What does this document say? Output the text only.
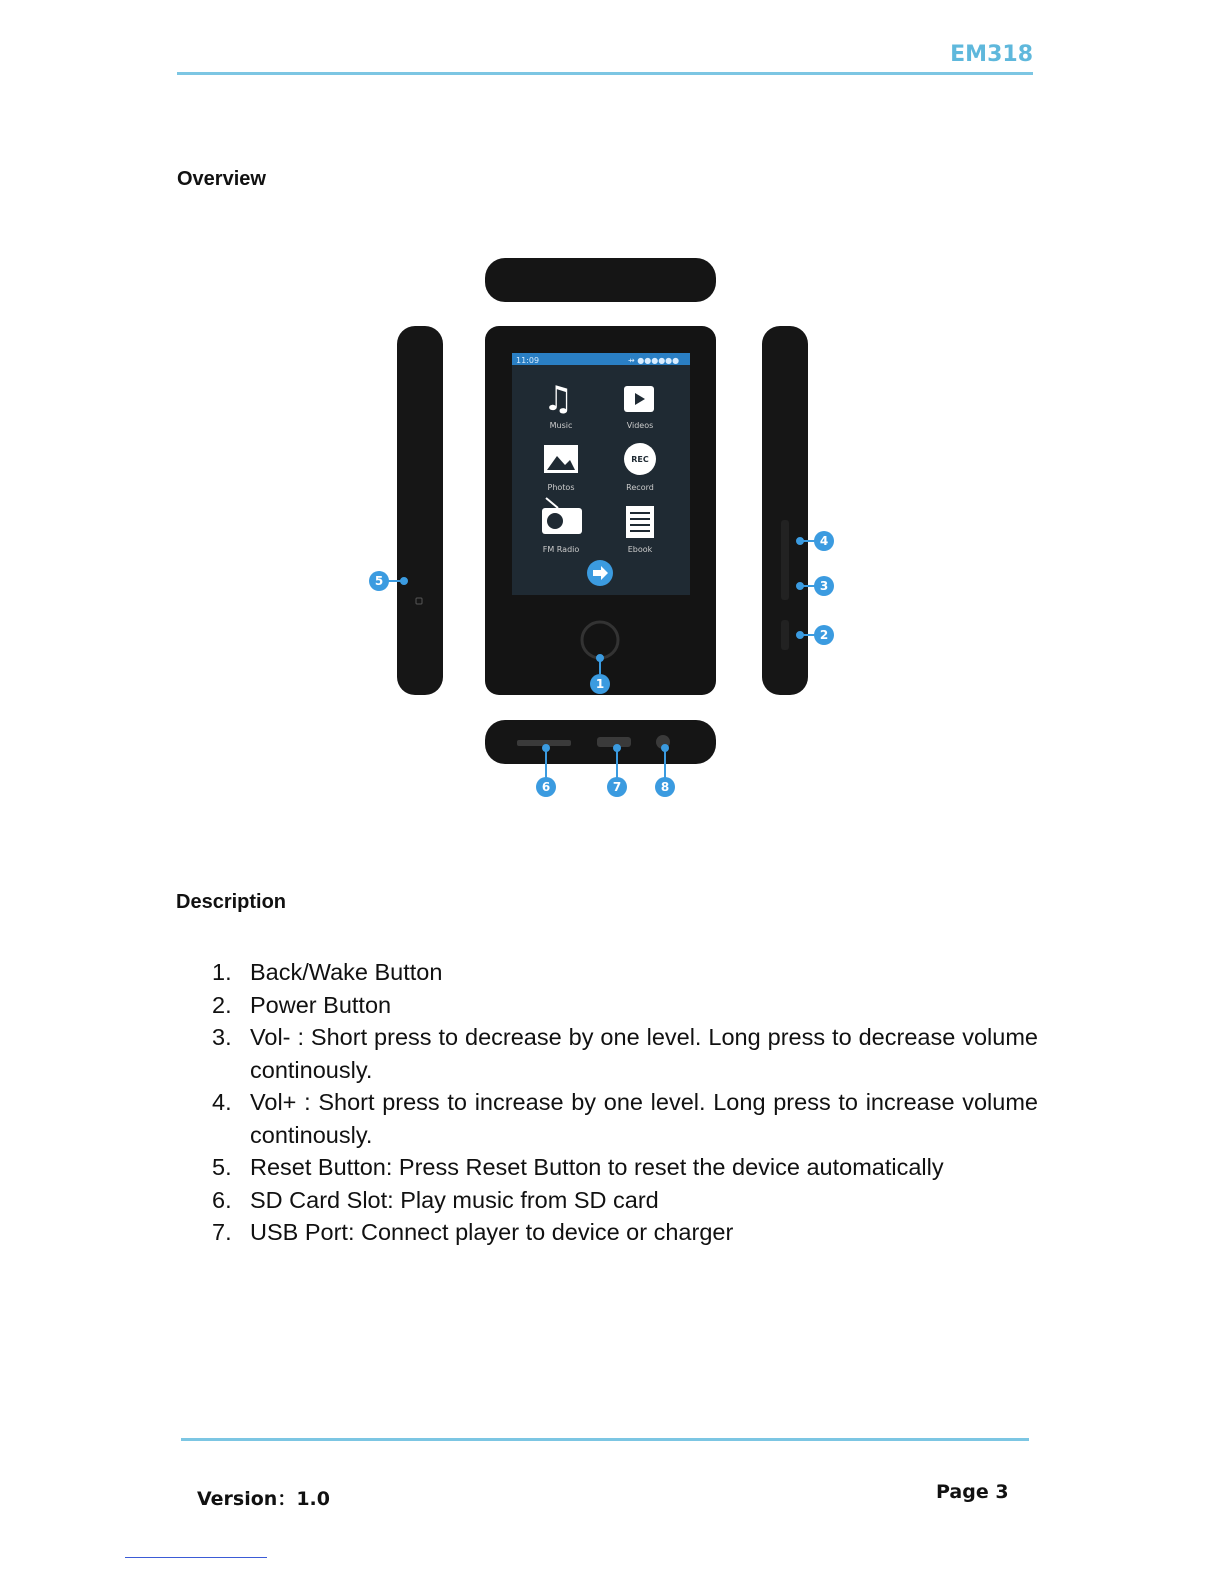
EM318
Overview
11:09	⇸ ●●●●●●
♫
Music	Videos
Photos
REC
Record
FM Radio	Ebook
1
2
3
4
5
6	7	8
Description
1. Back/Wake Button
2. Power Button
3. Vol- : Short press to decrease by one level. Long press to decrease volume continously.
4. Vol+ : Short press to increase by one level. Long press to increase volume continously.
5. Reset Button: Press Reset Button to reset the device automatically
6. SD Card Slot: Play music from SD card
7. USB Port: Connect player to device or charger
Version：1.0	Page 3
